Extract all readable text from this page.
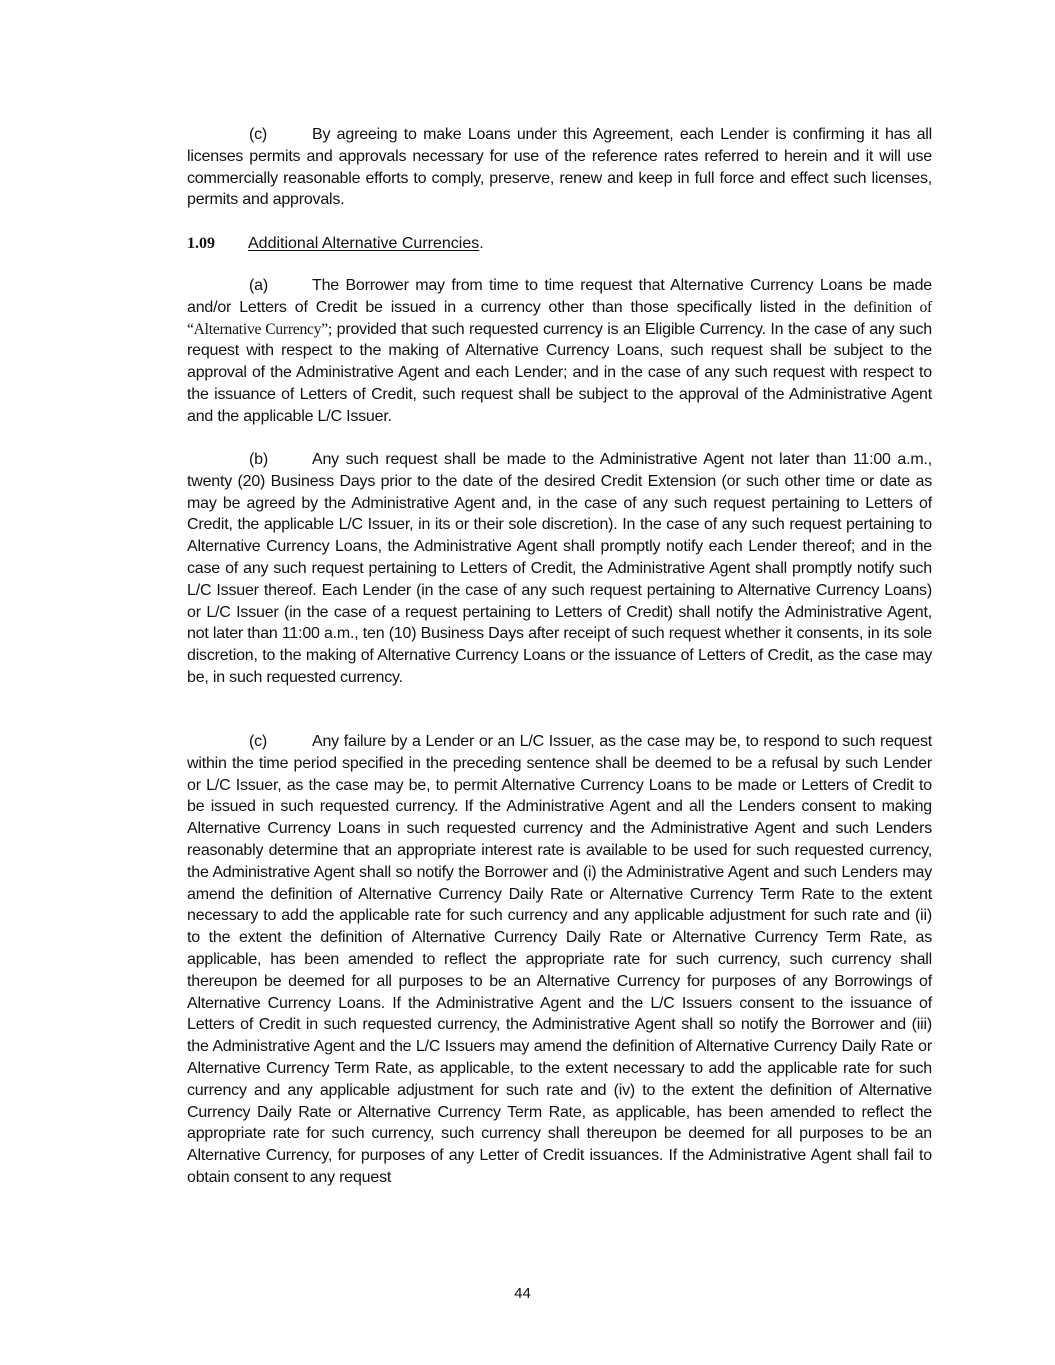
(c)	By agreeing to make Loans under this Agreement, each Lender is confirming it has all licenses permits and approvals necessary for use of the reference rates referred to herein and it will use commercially reasonable efforts to comply, preserve, renew and keep in full force and effect such licenses, permits and approvals.

1.09 Additional Alternative Currencies.

(a)	The Borrower may from time to time request that Alternative Currency Loans be made and/or Letters of Credit be issued in a currency other than those specifically listed in the definition of “Alternative Currency”; provided that such requested currency is an Eligible Currency. In the case of any such request with respect to the making of Alternative Currency Loans, such request shall be subject to the approval of the Administrative Agent and each Lender; and in the case of any such request with respect to the issuance of Letters of Credit, such request shall be subject to the approval of the Administrative Agent and the applicable L/C Issuer.

(b)	Any such request shall be made to the Administrative Agent not later than 11:00 a.m., twenty (20) Business Days prior to the date of the desired Credit Extension (or such other time or date as may be agreed by the Administrative Agent and, in the case of any such request pertaining to Letters of Credit, the applicable L/C Issuer, in its or their sole discretion). In the case of any such request pertaining to Alternative Currency Loans, the Administrative Agent shall promptly notify each Lender thereof; and in the case of any such request pertaining to Letters of Credit, the Administrative Agent shall promptly notify such L/C Issuer thereof. Each Lender (in the case of any such request pertaining to Alternative Currency Loans) or L/C Issuer (in the case of a request pertaining to Letters of Credit) shall notify the Administrative Agent, not later than 11:00 a.m., ten (10) Business Days after receipt of such request whether it consents, in its sole discretion, to the making of Alternative Currency Loans or the issuance of Letters of Credit, as the case may be, in such requested currency.

(c)	Any failure by a Lender or an L/C Issuer, as the case may be, to respond to such request within the time period specified in the preceding sentence shall be deemed to be a refusal by such Lender or L/C Issuer, as the case may be, to permit Alternative Currency Loans to be made or Letters of Credit to be issued in such requested currency. If the Administrative Agent and all the Lenders consent to making Alternative Currency Loans in such requested currency and the Administrative Agent and such Lenders reasonably determine that an appropriate interest rate is available to be used for such requested currency, the Administrative Agent shall so notify the Borrower and (i) the Administrative Agent and such Lenders may amend the definition of Alternative Currency Daily Rate or Alternative Currency Term Rate to the extent necessary to add the applicable rate for such currency and any applicable adjustment for such rate and (ii) to the extent the definition of Alternative Currency Daily Rate or Alternative Currency Term Rate, as applicable, has been amended to reflect the appropriate rate for such currency, such currency shall thereupon be deemed for all purposes to be an Alternative Currency for purposes of any Borrowings of Alternative Currency Loans. If the Administrative Agent and the L/C Issuers consent to the issuance of Letters of Credit in such requested currency, the Administrative Agent shall so notify the Borrower and (iii) the Administrative Agent and the L/C Issuers may amend the definition of Alternative Currency Daily Rate or Alternative Currency Term Rate, as applicable, to the extent necessary to add the applicable rate for such currency and any applicable adjustment for such rate and (iv) to the extent the definition of Alternative Currency Daily Rate or Alternative Currency Term Rate, as applicable, has been amended to reflect the appropriate rate for such currency, such currency shall thereupon be deemed for all purposes to be an Alternative Currency, for purposes of any Letter of Credit issuances. If the Administrative Agent shall fail to obtain consent to any request

44
